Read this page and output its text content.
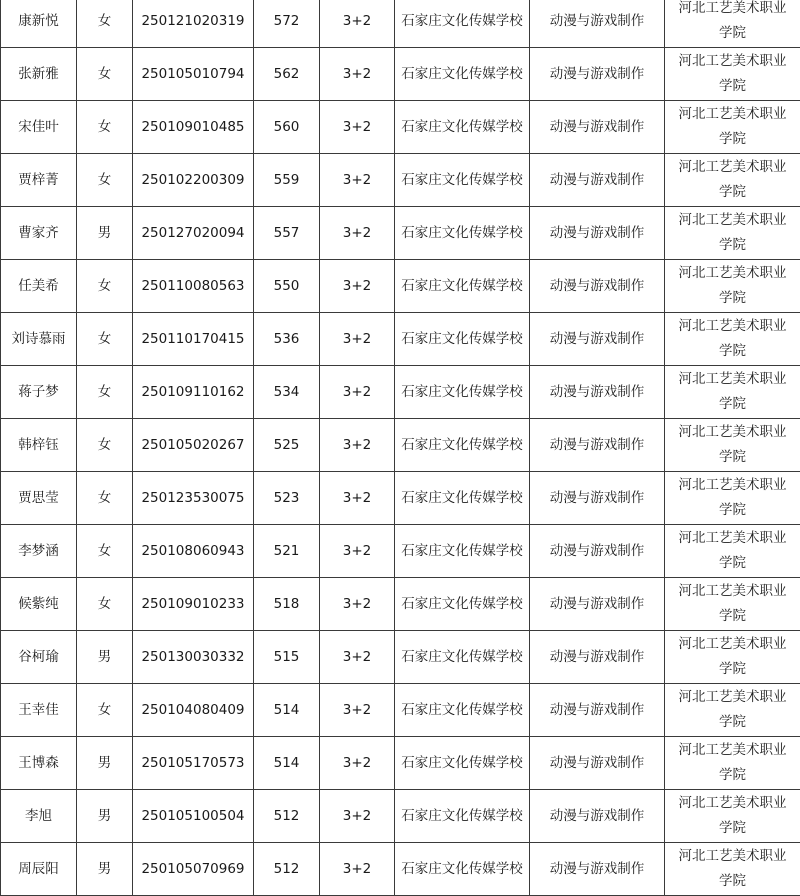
康新悦	女	250121020319	572	3+2	石家庄文化传媒学校	动漫与游戏制作	河北工艺美术职业
学院

张新雅	女	250105010794	562	3+2	石家庄文化传媒学校	动漫与游戏制作	河北工艺美术职业
学院

宋佳叶	女	250109010485	560	3+2	石家庄文化传媒学校	动漫与游戏制作	河北工艺美术职业
学院

贾梓菁	女	250102200309	559	3+2	石家庄文化传媒学校	动漫与游戏制作	河北工艺美术职业
学院

曹家齐	男	250127020094	557	3+2	石家庄文化传媒学校	动漫与游戏制作	河北工艺美术职业
学院

任美希	女	250110080563	550	3+2	石家庄文化传媒学校	动漫与游戏制作	河北工艺美术职业
学院

刘诗慕雨	女	250110170415	536	3+2	石家庄文化传媒学校	动漫与游戏制作	河北工艺美术职业
学院

蒋子梦	女	250109110162	534	3+2	石家庄文化传媒学校	动漫与游戏制作	河北工艺美术职业
学院

韩梓钰	女	250105020267	525	3+2	石家庄文化传媒学校	动漫与游戏制作	河北工艺美术职业
学院

贾思莹	女	250123530075	523	3+2	石家庄文化传媒学校	动漫与游戏制作	河北工艺美术职业
学院

李梦涵	女	250108060943	521	3+2	石家庄文化传媒学校	动漫与游戏制作	河北工艺美术职业
学院

候紫纯	女	250109010233	518	3+2	石家庄文化传媒学校	动漫与游戏制作	河北工艺美术职业
学院

谷柯瑜	男	250130030332	515	3+2	石家庄文化传媒学校	动漫与游戏制作	河北工艺美术职业
学院

王幸佳	女	250104080409	514	3+2	石家庄文化传媒学校	动漫与游戏制作	河北工艺美术职业
学院

王博森	男	250105170573	514	3+2	石家庄文化传媒学校	动漫与游戏制作	河北工艺美术职业
学院

李旭	男	250105100504	512	3+2	石家庄文化传媒学校	动漫与游戏制作	河北工艺美术职业
学院

周辰阳	男	250105070969	512	3+2	石家庄文化传媒学校	动漫与游戏制作	河北工艺美术职业
学院
